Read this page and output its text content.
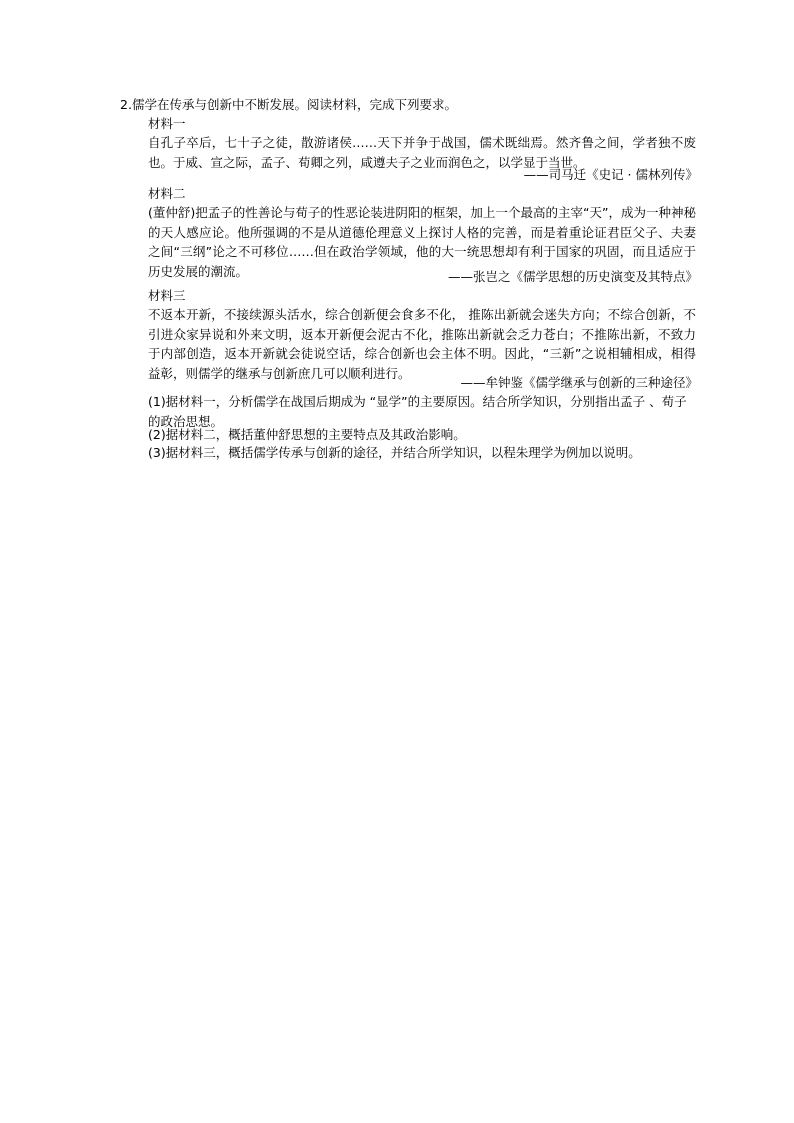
2.儒学在传承与创新中不断发展。阅读材料，完成下列要求。
材料一
自孔子卒后，七十子之徒，散游诸侯……天下并争于战国，儒术既绌焉。然齐鲁之间，学者独不废也。于威、宣之际，孟子、荀卿之列，咸遵夫子之业而润色之，以学显于当世。
——司马迁《史记 · 儒林列传》
材料二
(董仲舒)把孟子的性善论与荀子的性恶论装进阴阳的框架，加上一个最高的主宰“天”，成为一种神秘的天人感应论。他所强调的不是从道德伦理意义上探讨人格的完善，而是着重论证君臣父子、夫妻之间“三纲”论之不可移位……但在政治学领域，他的大一统思想却有利于国家的巩固，而且适应于历史发展的潮流。	——张岂之《儒学思想的历史演变及其特点》
材料三
不返本开新，不接续源头活水，综合创新便会食多不化， 推陈出新就会迷失方向；不综合创新，不引进众家异说和外来文明，返本开新便会泥古不化，推陈出新就会乏力苍白；不推陈出新，不致力于内部创造，返本开新就会徒说空话，综合创新也会主体不明。因此，“三新”之说相辅相成，相得益彰，则儒学的继承与创新庶几可以顺利进行。
——牟钟鉴《儒学继承与创新的三种途径》
(1)据材料一，分析儒学在战国后期成为 “显学”的主要原因。结合所学知识，分别指出孟子 、荀子的政治思想。
(2)据材料二，概括董仲舒思想的主要特点及其政治影响。
(3)据材料三，概括儒学传承与创新的途径，并结合所学知识，以程朱理学为例加以说明。
